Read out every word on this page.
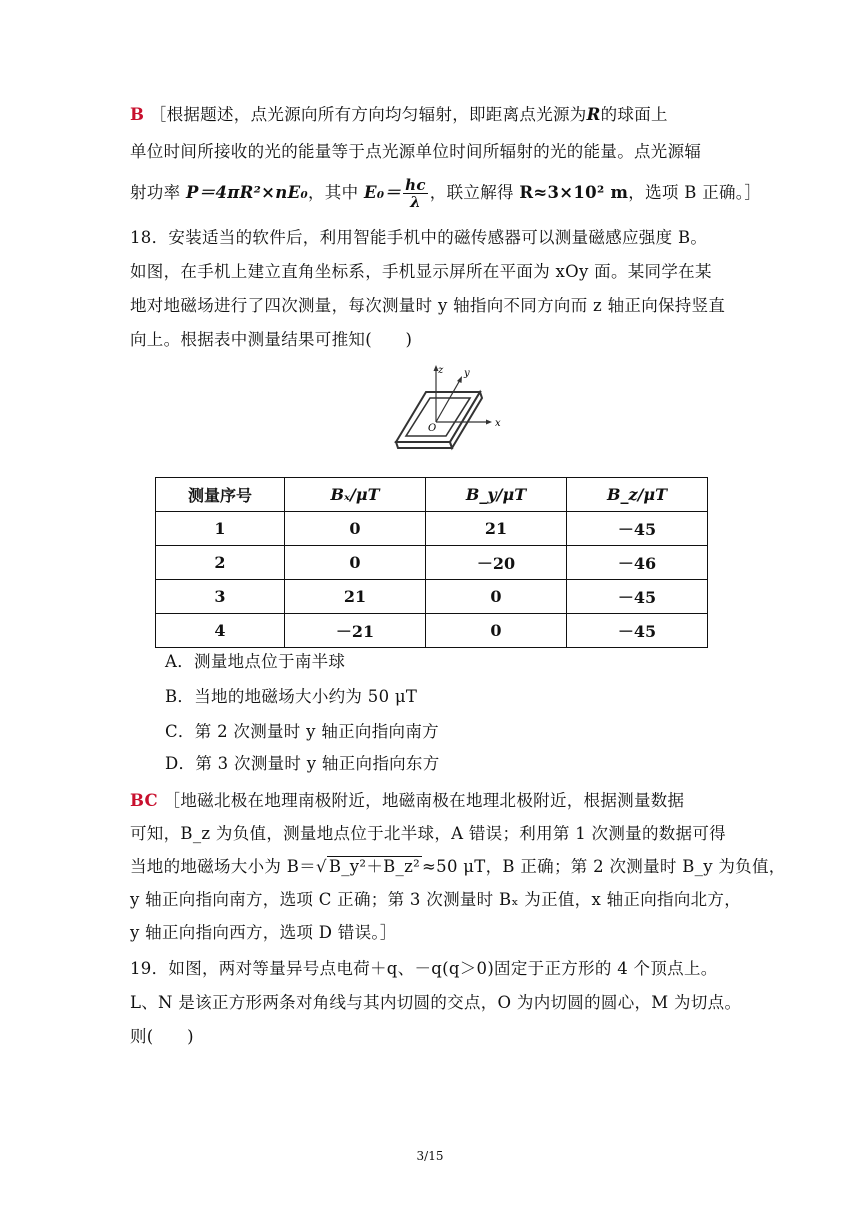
B ［根据题述，点光源向所有方向均匀辐射，即距离点光源为R的球面上
单位时间所接收的光的能量等于点光源单位时间所辐射的光的能量。点光源辐
射功率 P＝4πR²×nE₀，其中 $E_0= \frac{hc}{\lambda}$ ，联立解得 R≈3×10² m，选项 B 正确。］
18．安装适当的软件后，利用智能手机中的磁传感器可以测量磁感应强度 B。
如图，在手机上建立直角坐标系，手机显示屏所在平面为 xOy 面。某同学在某
地对地磁场进行了四次测量，每次测量时 y 轴指向不同方向而 z 轴正向保持竖直
向上。根据表中测量结果可推知(　　)
z y
x
O
测量序号	Bₓ/μT	B_y/μT	B_z/μT
1	0	21	－45
2	0	－20	－46
3	21	0	－45
4	－21	0	－45
A．测量地点位于南半球
B．当地的地磁场大小约为 50 μT
C．第 2 次测量时 y 轴正向指向南方
D．第 3 次测量时 y 轴正向指向东方
BC ［地磁北极在地理南极附近，地磁南极在地理北极附近，根据测量数据
可知，B_z 为负值，测量地点位于北半球，A 错误；利用第 1 次测量的数据可得
当地的地磁场大小为 B＝√ B_y²＋B_z² ≈50 μT，B 正确；第 2 次测量时 B_y 为负值，
y 轴正向指向南方，选项 C 正确；第 3 次测量时 Bₓ 为正值，x 轴正向指向北方，
y 轴正向指向西方，选项 D 错误。］
19．如图，两对等量异号点电荷＋q、－q(q＞0)固定于正方形的 4 个顶点上。
L、N 是该正方形两条对角线与其内切圆的交点，O 为内切圆的圆心，M 为切点。
则(　　)
3/15
